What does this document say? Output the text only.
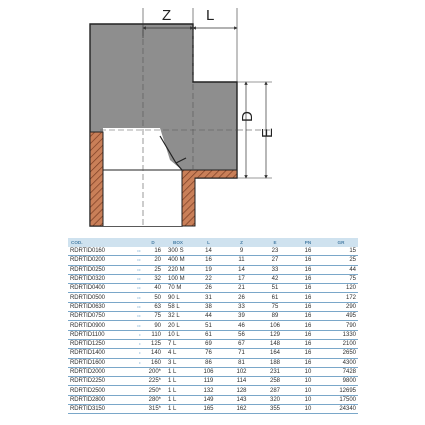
Z L
D
E
COD.		D	BOX	L	Z	E	PN	GR
RDRTID0160	••	16	300 S	14	9	23	16	15
RDRTID0200	••	20	400 M	16	11	27	16	25
RDRTID0250	••	25	220 M	19	14	33	16	44
RDRTID0320	••	32	100 M	22	17	42	16	75
RDRTID0400	••	40	70 M	26	21	51	16	120
RDRTID0500	••	50	90 L	31	26	61	16	172
RDRTID0630	••	63	58 L	38	33	75	16	290
RDRTID0750	••	75	32 L	44	39	89	16	495
RDRTID0900	••	90	20 L	51	46	106	16	790
RDRTID1100	•	110	10 L	61	56	129	16	1330
RDRTID1250	•	125	7 L	69	67	148	16	2100
RDRTID1400	•	140	4 L	76	71	164	16	2650
RDRTID1600	•	160	3 L	86	81	188	16	4300
RDRTID2000		200*	1 L	106	102	231	10	7428
RDRTID2250		225*	1 L	119	114	258	10	9800
RDRTID2500		250*	1 L	132	128	287	10	12695
RDRTID2800		280*	1 L	149	143	320	10	17500
RDRTID3150		315*	1 L	165	162	355	10	24340
